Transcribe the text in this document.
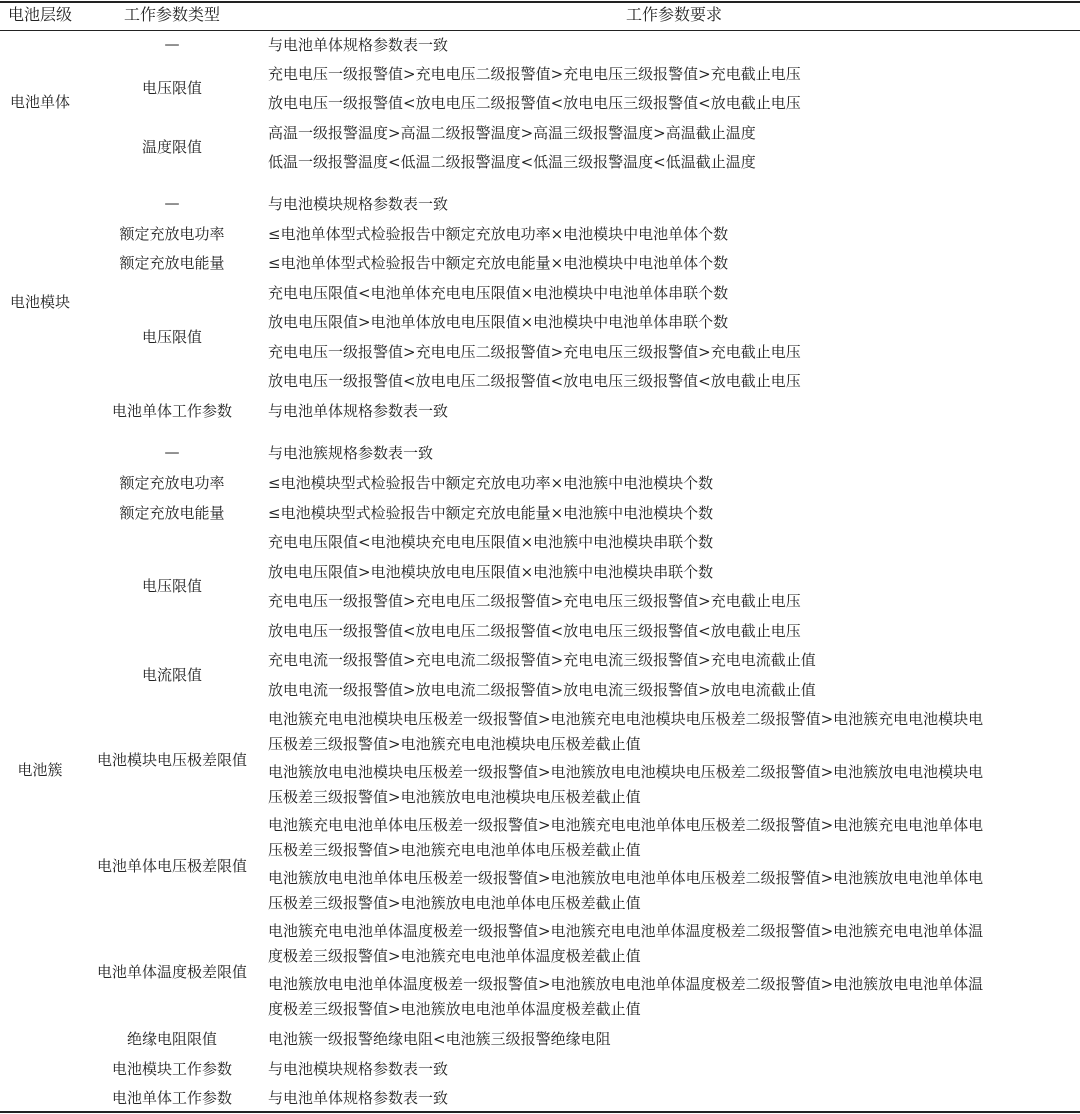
电池层级	工作参数类型	工作参数要求
电池单体
—
电压限值
温度限值
与电池单体规格参数表一致
充电电压一级报警值>充电电压二级报警值>充电电压三级报警值>充电截止电压
放电电压一级报警值<放电电压二级报警值<放电电压三级报警值<放电截止电压
高温一级报警温度>高温二级报警温度>高温三级报警温度>高温截止温度
低温一级报警温度<低温二级报警温度<低温三级报警温度<低温截止温度
电池模块
—
额定充放电功率
额定充放电能量
电压限值
电池单体工作参数
与电池模块规格参数表一致
≤电池单体型式检验报告中额定充放电功率×电池模块中电池单体个数
≤电池单体型式检验报告中额定充放电能量×电池模块中电池单体个数
充电电压限值<电池单体充电电压限值×电池模块中电池单体串联个数
放电电压限值>电池单体放电电压限值×电池模块中电池单体串联个数
充电电压一级报警值>充电电压二级报警值>充电电压三级报警值>充电截止电压
放电电压一级报警值<放电电压二级报警值<放电电压三级报警值<放电截止电压
与电池单体规格参数表一致
电池簇
—
额定充放电功率
额定充放电能量
电压限值
电流限值
电池模块电压极差限值
电池单体电压极差限值
电池单体温度极差限值
绝缘电阻限值
电池模块工作参数
电池单体工作参数
与电池簇规格参数表一致
≤电池模块型式检验报告中额定充放电功率×电池簇中电池模块个数
≤电池模块型式检验报告中额定充放电能量×电池簇中电池模块个数
充电电压限值<电池模块充电电压限值×电池簇中电池模块串联个数
放电电压限值>电池模块放电电压限值×电池簇中电池模块串联个数
充电电压一级报警值>充电电压二级报警值>充电电压三级报警值>充电截止电压
放电电压一级报警值<放电电压二级报警值<放电电压三级报警值<放电截止电压
充电电流一级报警值>充电电流二级报警值>充电电流三级报警值>充电电流截止值
放电电流一级报警值>放电电流二级报警值>放电电流三级报警值>放电电流截止值
电池簇充电电池模块电压极差一级报警值>电池簇充电电池模块电压极差二级报警值>电池簇充电电池模块电
压极差三级报警值>电池簇充电电池模块电压极差截止值
电池簇放电电池模块电压极差一级报警值>电池簇放电电池模块电压极差二级报警值>电池簇放电电池模块电
压极差三级报警值>电池簇放电电池模块电压极差截止值
电池簇充电电池单体电压极差一级报警值>电池簇充电电池单体电压极差二级报警值>电池簇充电电池单体电
压极差三级报警值>电池簇充电电池单体电压极差截止值
电池簇放电电池单体电压极差一级报警值>电池簇放电电池单体电压极差二级报警值>电池簇放电电池单体电
压极差三级报警值>电池簇放电电池单体电压极差截止值
电池簇充电电池单体温度极差一级报警值>电池簇充电电池单体温度极差二级报警值>电池簇充电电池单体温
度极差三级报警值>电池簇充电电池单体温度极差截止值
电池簇放电电池单体温度极差一级报警值>电池簇放电电池单体温度极差二级报警值>电池簇放电电池单体温
度极差三级报警值>电池簇放电电池单体温度极差截止值
电池簇一级报警绝缘电阻<电池簇三级报警绝缘电阻
与电池模块规格参数表一致
与电池单体规格参数表一致
